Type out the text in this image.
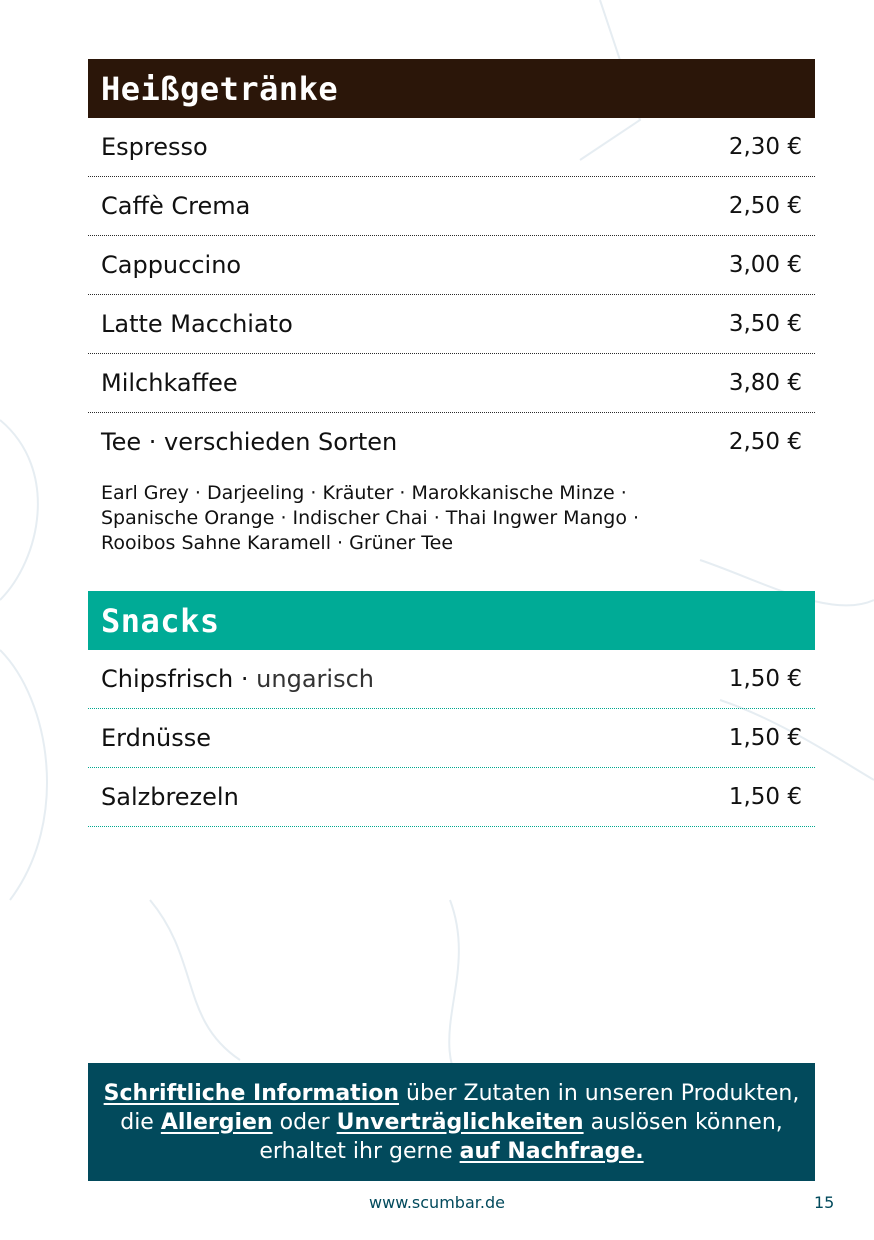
Heißgetränke
Espresso	2,30 €
Caffè Crema	2,50 €
Cappuccino	3,00 €
Latte Macchiato	3,50 €
Milchkaffee	3,80 €
Tee · verschieden Sorten	2,50 €
Earl Grey · Darjeeling · Kräuter · Marokkanische Minze ·
Spanische Orange · Indischer Chai · Thai Ingwer Mango ·
Rooibos Sahne Karamell · Grüner Tee
Snacks
Chipsfrisch · ungarisch	1,50 €
Erdnüsse	1,50 €
Salzbrezeln	1,50 €
Schriftliche Information über Zutaten in unseren Produkten,
die Allergien oder Unverträglichkeiten auslösen können,
erhaltet ihr gerne auf Nachfrage.
www.scumbar.de	15
